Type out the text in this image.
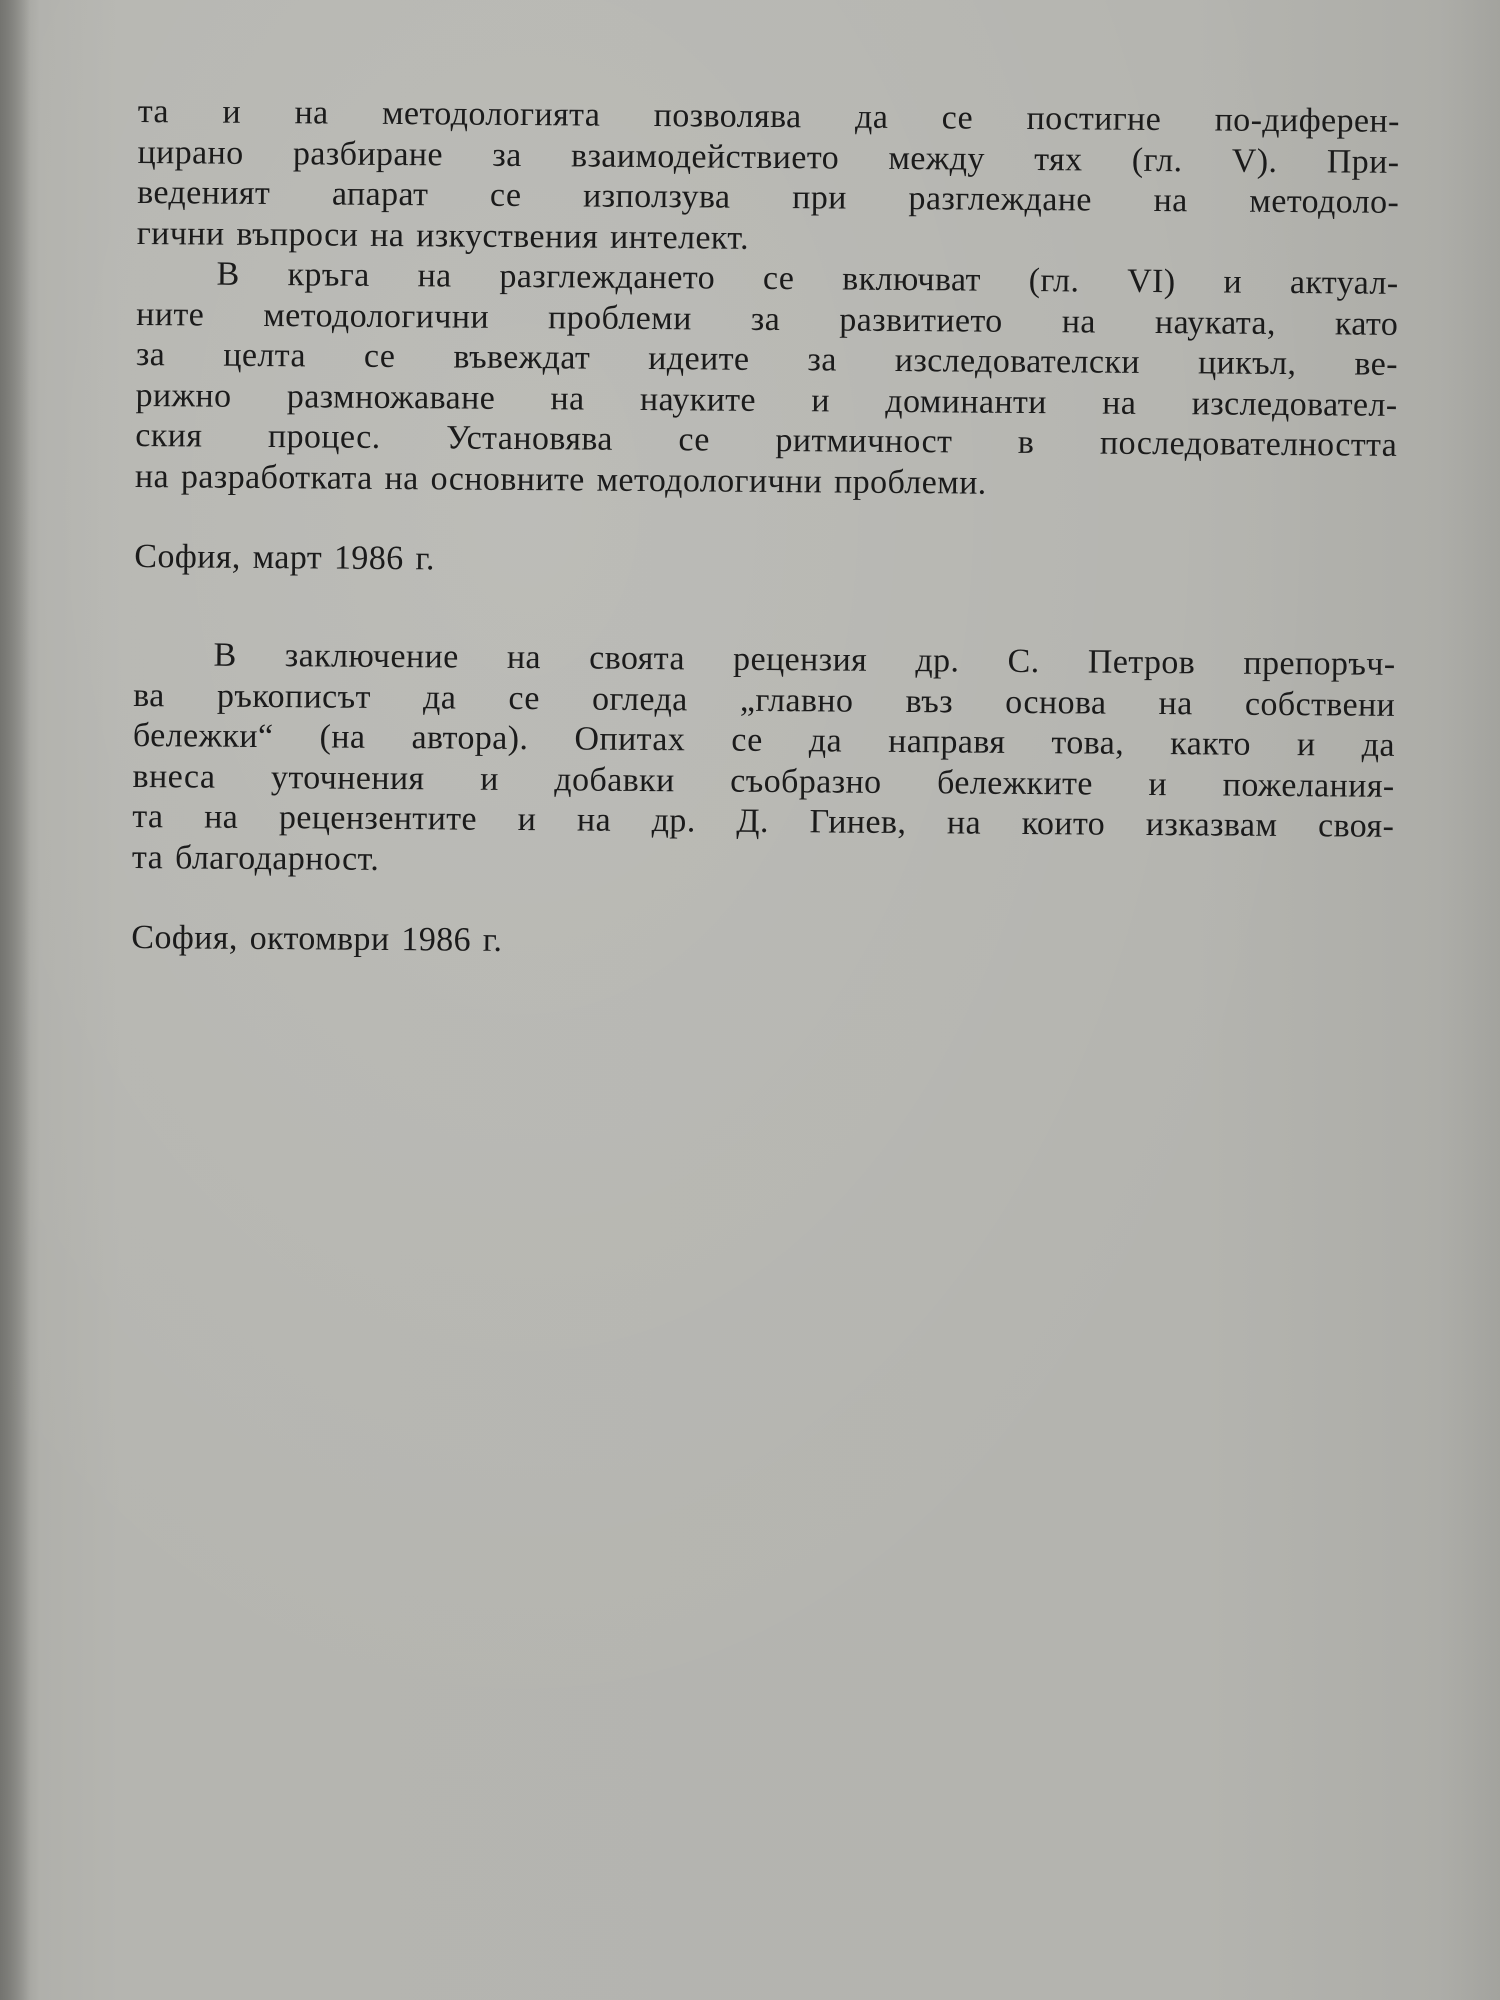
та и на методологията позволява да се постигне по-диферен-
цирано разбиране за взаимодействието между тях (гл. V). При-
веденият апарат се използува при разглеждане на методоло-
гични въпроси на изкуствения интелект.
В кръга на разглеждането се включват (гл. VI) и актуал-
ните методологични проблеми за развитието на науката, като
за целта се въвеждат идеите за изследователски цикъл, ве-
рижно размножаване на науките и доминанти на изследовател-
ския процес. Установява се ритмичност в последователността
на разработката на основните методологични проблеми.

София, март 1986 г.

В заключение на своята рецензия др. С. Петров препоръч-
ва ръкописът да се огледа „главно въз основа на собствени
бележки“ (на автора). Опитах се да направя това, както и да
внеса уточнения и добавки съобразно бележките и пожелания-
та на рецензентите и на др. Д. Гинев, на които изказвам своя-
та благодарност.

София, октомври 1986 г.
